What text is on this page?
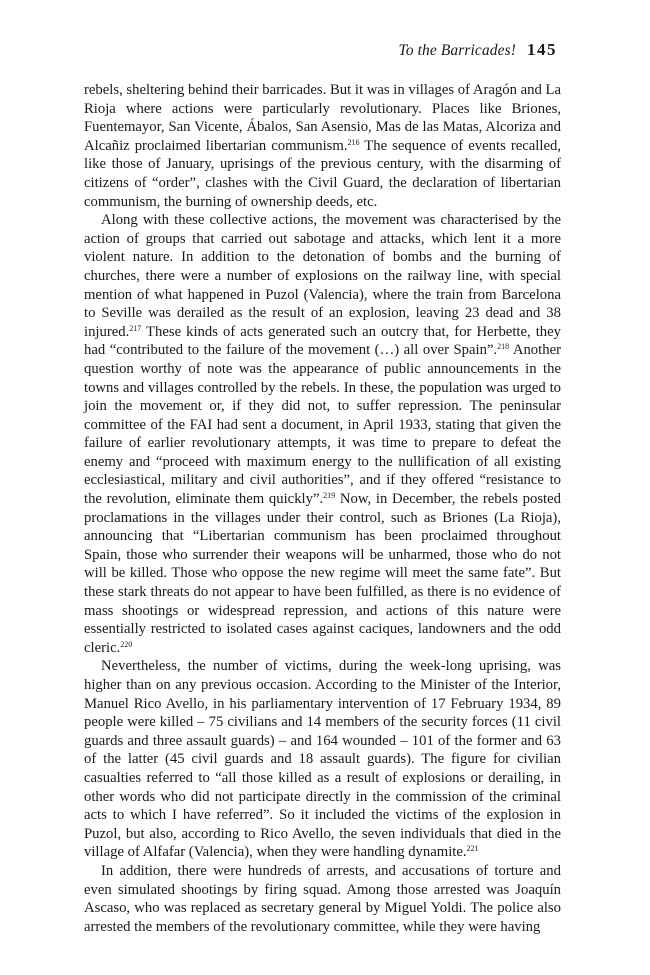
To the Barricades! 145

rebels, sheltering behind their barricades. But it was in villages of Aragón and La Rioja where actions were particularly revolutionary. Places like Briones, Fuentemayor, San Vicente, Ábalos, San Asensio, Mas de las Matas, Alcoriza and Alcañiz proclaimed libertarian communism.$^{216}$ The sequence of events recalled, like those of January, uprisings of the previous century, with the disarming of citizens of “order”, clashes with the Civil Guard, the declaration of libertarian communism, the burning of ownership deeds, etc.

Along with these collective actions, the movement was characterised by the action of groups that carried out sabotage and attacks, which lent it a more violent nature. In addition to the detonation of bombs and the burning of churches, there were a number of explosions on the railway line, with special mention of what happened in Puzol (Valencia), where the train from Barcelona to Seville was derailed as the result of an explosion, leaving 23 dead and 38 injured.$^{217}$ These kinds of acts generated such an outcry that, for Herbette, they had “contributed to the failure of the movement (…) all over Spain”.$^{218}$ Another question worthy of note was the appearance of public announcements in the towns and villages controlled by the rebels. In these, the population was urged to join the movement or, if they did not, to suffer repression. The peninsular committee of the FAI had sent a document, in April 1933, stating that given the failure of earlier revolutionary attempts, it was time to prepare to defeat the enemy and “proceed with maximum energy to the nullification of all existing ecclesiastical, military and civil authorities”, and if they offered “resistance to the revolution, eliminate them quickly”.$^{219}$ Now, in December, the rebels posted proclamations in the villages under their control, such as Briones (La Rioja), announcing that “Libertarian communism has been proclaimed throughout Spain, those who surrender their weapons will be unharmed, those who do not will be killed. Those who oppose the new regime will meet the same fate”. But these stark threats do not appear to have been fulfilled, as there is no evidence of mass shootings or widespread repression, and actions of this nature were essentially restricted to isolated cases against caciques, landowners and the odd cleric.$^{220}$

Nevertheless, the number of victims, during the week-long uprising, was higher than on any previous occasion. According to the Minister of the Interior, Manuel Rico Avello, in his parliamentary intervention of 17 February 1934, 89 people were killed – 75 civilians and 14 members of the security forces (11 civil guards and three assault guards) – and 164 wounded – 101 of the former and 63 of the latter (45 civil guards and 18 assault guards). The figure for civilian casualties referred to “all those killed as a result of explosions or derailing, in other words who did not participate directly in the commission of the criminal acts to which I have referred”. So it included the victims of the explosion in Puzol, but also, according to Rico Avello, the seven individuals that died in the village of Alfafar (Valencia), when they were handling dynamite.$^{221}$

In addition, there were hundreds of arrests, and accusations of torture and even simulated shootings by firing squad. Among those arrested was Joaquín Ascaso, who was replaced as secretary general by Miguel Yoldi. The police also arrested the members of the revolutionary committee, while they were having
